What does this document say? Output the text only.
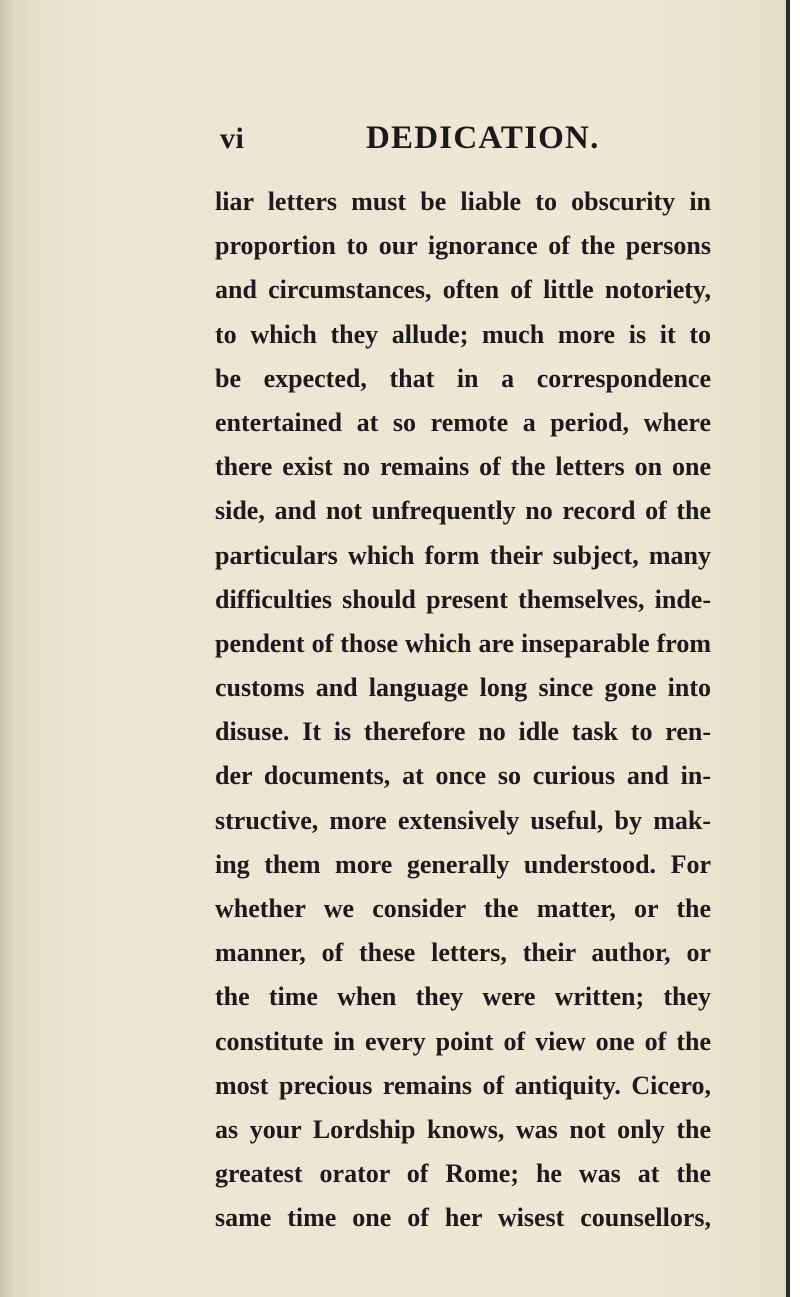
vi	DEDICATION.
liar letters must be liable to obscurity in
proportion to our ignorance of the persons
and circumstances, often of little notoriety,
to which they allude; much more is it to
be expected, that in a correspondence
entertained at so remote a period, where
there exist no remains of the letters on one
side, and not unfrequently no record of the
particulars which form their subject, many
difficulties should present themselves, inde-
pendent of those which are inseparable from
customs and language long since gone into
disuse. It is therefore no idle task to ren-
der documents, at once so curious and in-
structive, more extensively useful, by mak-
ing them more generally understood. For
whether we consider the matter, or the
manner, of these letters, their author, or
the time when they were written; they
constitute in every point of view one of the
most precious remains of antiquity. Cicero,
as your Lordship knows, was not only the
greatest orator of Rome; he was at the
same time one of her wisest counsellors,
